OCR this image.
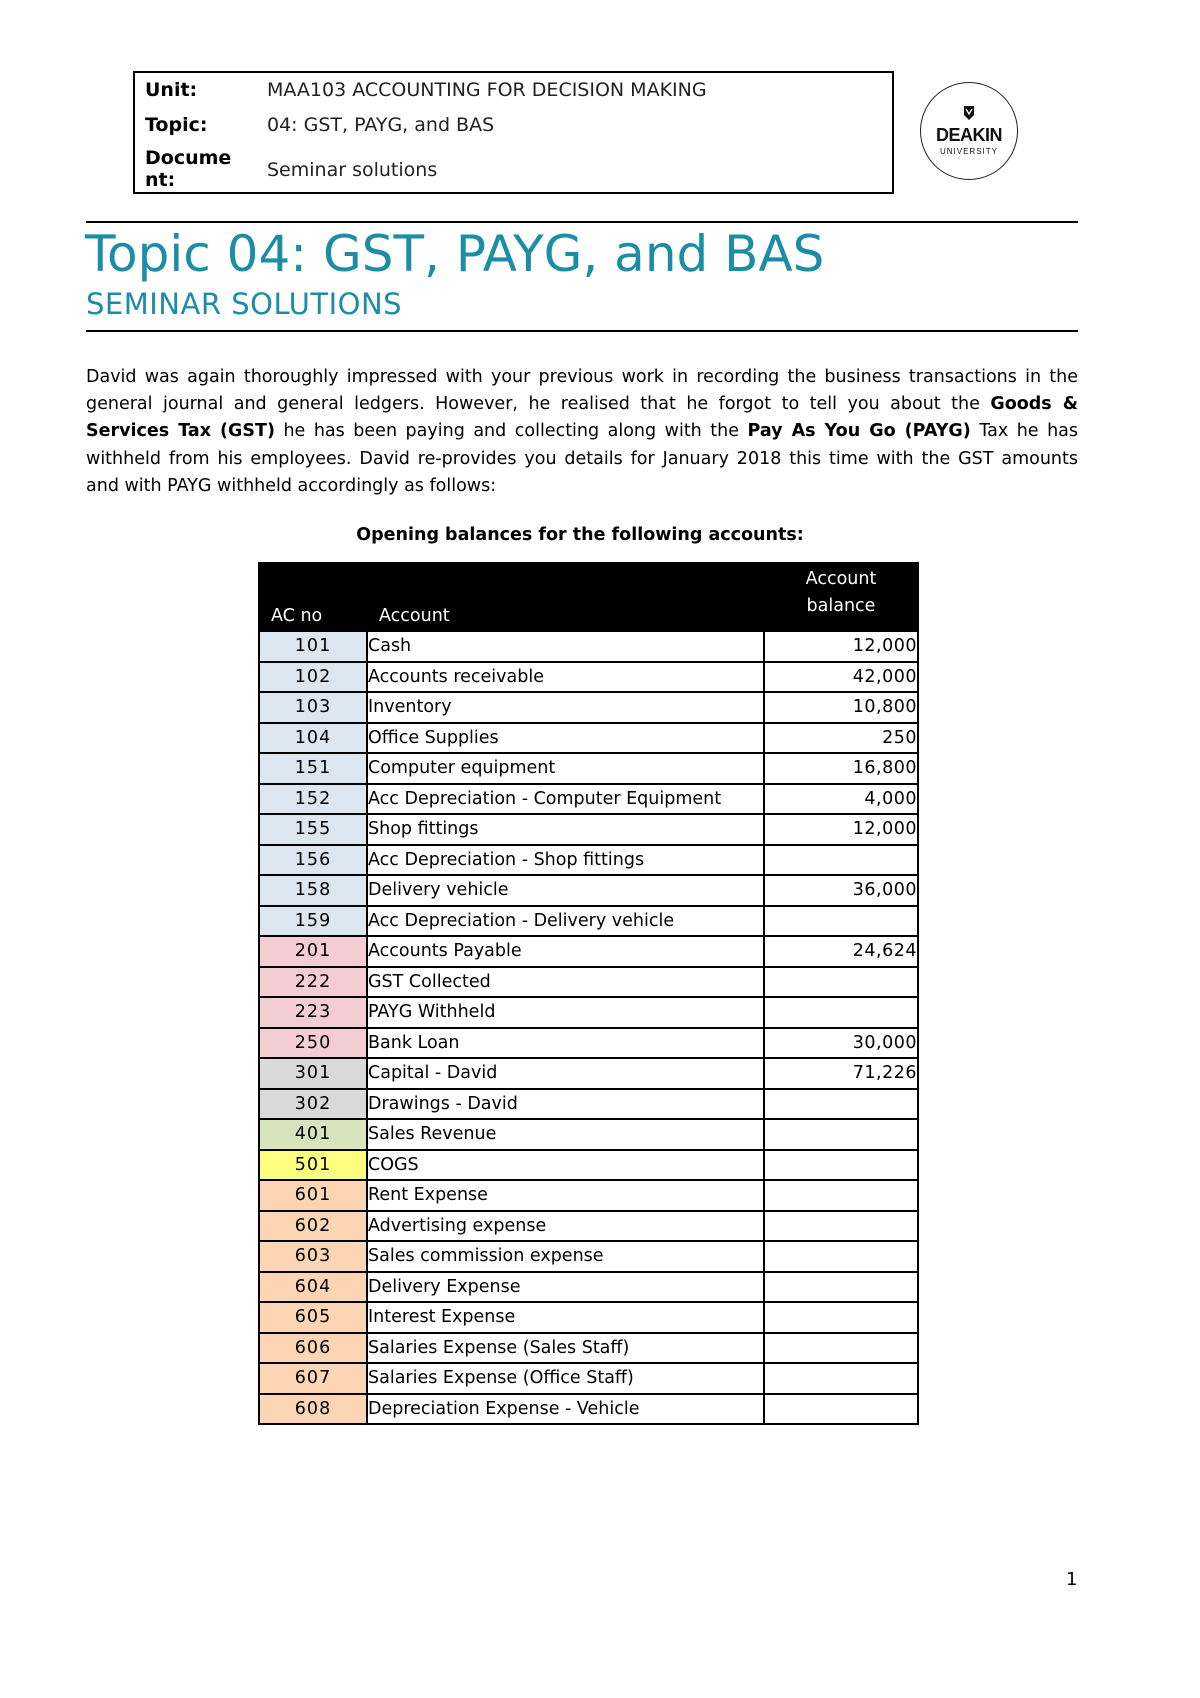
Unit:	MAA103 ACCOUNTING FOR DECISION MAKING
Topic:	04: GST, PAYG, and BAS
Docume
nt:	Seminar solutions
DEAKIN
UNIVERSITY
Topic 04: GST, PAYG, and BAS
SEMINAR SOLUTIONS
David was again thoroughly impressed with your previous work in recording the business transactions in the general journal and general ledgers. However, he realised that he forgot to tell you about the Goods & Services Tax (GST) he has been paying and collecting along with the Pay As You Go (PAYG) Tax he has withheld from his employees. David re-provides you details for January 2018 this time with the GST amounts and with PAYG withheld accordingly as follows:
Opening balances for the following accounts:
AC no	Account	Account
balance

101	Cash	12,000
102	Accounts receivable	42,000
103	Inventory	10,800
104	Office Supplies	250
151	Computer equipment	16,800
152	Acc Depreciation - Computer Equipment	4,000
155	Shop fittings	12,000
156	Acc Depreciation - Shop fittings	
158	Delivery vehicle	36,000
159	Acc Depreciation - Delivery vehicle	
201	Accounts Payable	24,624
222	GST Collected	
223	PAYG Withheld	
250	Bank Loan	30,000
301	Capital - David	71,226
302	Drawings - David	
401	Sales Revenue	
501	COGS	
601	Rent Expense	
602	Advertising expense	
603	Sales commission expense	
604	Delivery Expense	
605	Interest Expense	
606	Salaries Expense (Sales Staff)	
607	Salaries Expense (Office Staff)	
608	Depreciation Expense - Vehicle	
1
